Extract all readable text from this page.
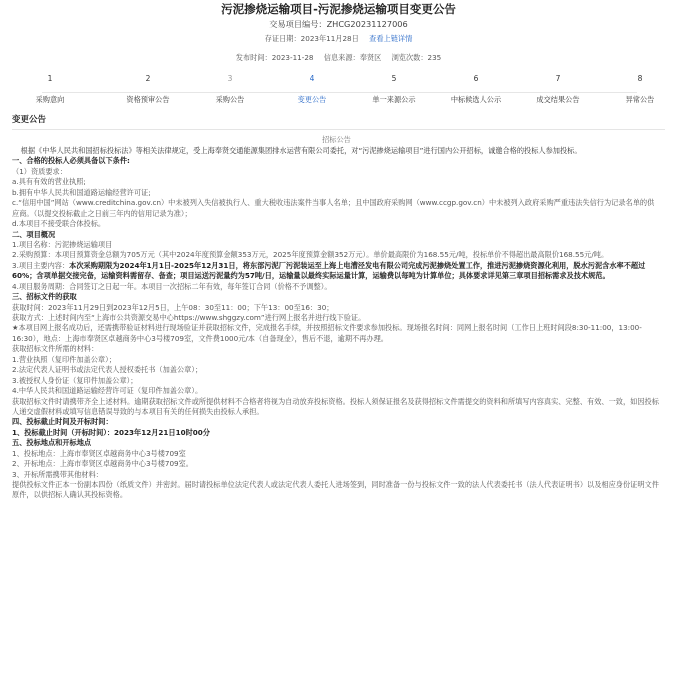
污泥掺烧运输项目-污泥掺烧运输项目变更公告
交易项目编号：ZHCG20231127006
存证日期：2023年11月28日 查看上链详情
发布时间：2023-11-28 信息来源：奉贤区 浏览次数：235
1
采购意向
2
资格预审公告
3
采购公告
4
变更公告
5
单一来源公示
6
中标候选人公示
7
成交结果公告
8
异常公告
变更公告
招标公告

根据《中华人民共和国招标投标法》等相关法律规定，受上海奉贤交通能源集团排水运营有限公司委托，对“污泥掺烧运输项目”进行国内公开招标，诚邀合格的投标人参加投标。

一、合格的投标人必须具备以下条件:

（1）资质要求：

a.具有有效的营业执照;

b.拥有中华人民共和国道路运输经营许可证;

c.“信用中国”网站（www.creditchina.gov.cn）中未被列入失信被执行人、重大税收违法案件当事人名单；且中国政府采购网（www.ccgp.gov.cn）中未被列入政府采购严重违法失信行为记录名单的供应商。（以提交投标截止之日前三年内的信用记录为准）；

d.本项目不接受联合体投标。

二、项目概况

1.项目名称：污泥掺烧运输项目

2.采购预算：本项目预算资金总额为705万元（其中2024年度预算金额353万元，2025年度预算金额352万元）。单价最高限价为168.55元/吨，投标单价不得超出最高限价168.55元/吨。

3.项目主要内容：本次采购期限为2024年1月1日-2025年12月31日，将东部污泥厂污泥装运至上海上电漕泾发电有限公司完成污泥掺烧处置工作，推进污泥掺烧资源化利用，脱水污泥含水率不超过60%；含项单据交接完备，运输资料需留存、备查；项目运送污泥量约为57吨/日，运输量以最终实际运量计算，运输费以每吨为计算单位；具体要求详见第三章项目招标需求及技术规范。

4.项目服务周期：合同签订之日起一年。本项目一次招标二年有效，每年签订合同（价格不予调整）。

三、招标文件的获取

获取时间：2023年11月29日到2023年12月5日，上午08：30至11：00；下午13：00至16：30；

获取方式：上述时间内至“上海市公共资源交易中心https://www.shggzy.com”进行网上报名并进行线下验证。

★本项目网上报名成功后，还需携带验证材料进行现场验证并获取招标文件，完成报名手续，并按照招标文件要求参加投标。现场报名时间：同网上报名时间（工作日上班时间段8:30-11:00，13:00-16:30），地点：上海市奉贤区卓越商务中心3号楼709室，文件费1000元/本（自备现金），售后不退，逾期不再办理。

获取招标文件所需的材料：

1.营业执照（复印件加盖公章）；

2.法定代表人证明书或法定代表人授权委托书（加盖公章）；

3.被授权人身份证（复印件加盖公章）；

4.中华人民共和国道路运输经营许可证（复印件加盖公章）。

获取招标文件时请携带齐全上述材料。逾期获取招标文件或所提供材料不合格者将视为自动放弃投标资格。投标人须保证报名及获得招标文件需提交的资料和所填写内容真实、完整、有效、一致，如因投标人递交虚假材料或填写信息错误导致的与本项目有关的任何损失由投标人承担。

四、投标截止时间及开标时间：

1、投标截止时间（开标时间）：2023年12月21日10时00分

五、投标地点和开标地点

1、投标地点：上海市奉贤区卓越商务中心3号楼709室

2、开标地点：上海市奉贤区卓越商务中心3号楼709室。

3、开标所需携带其他材料：

提供投标文件正本一份副本四份（纸质文件）并密封。届时请投标单位法定代表人或法定代表人委托人进场签到，同时准备一份与投标文件一致的法人代表委托书（法人代表证明书）以及相应身份证明文件原件，以供招标人确认其投标资格。
